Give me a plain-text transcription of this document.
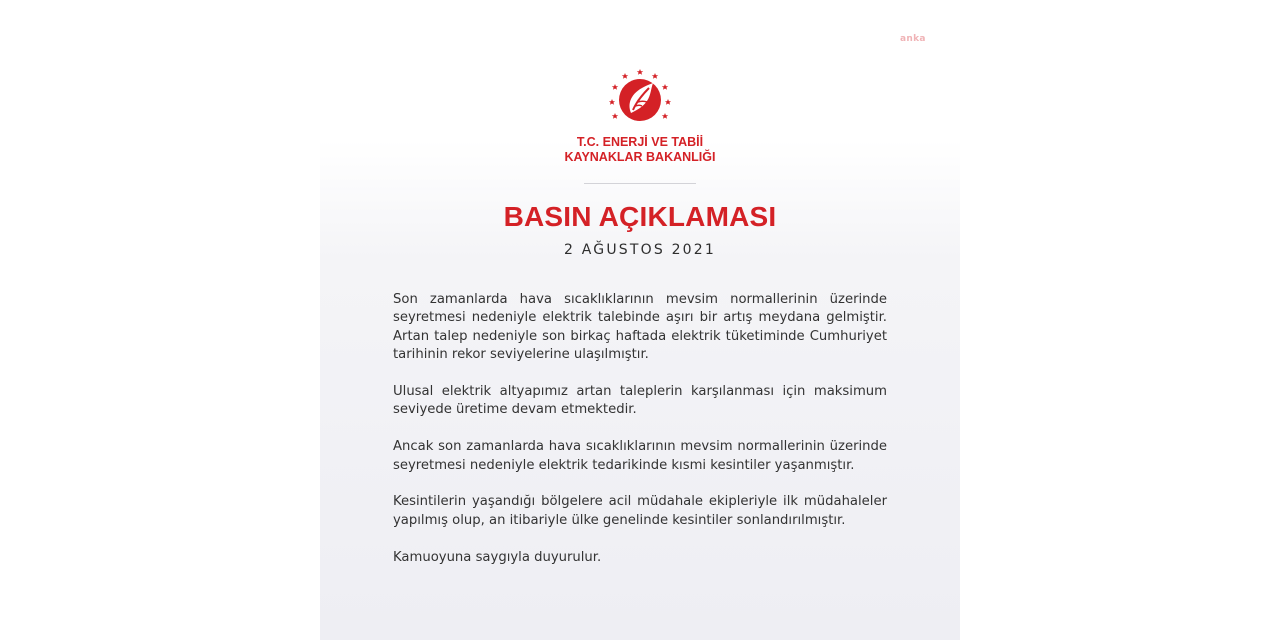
anka
T.C. ENERJİ VE TABİİ
KAYNAKLAR BAKANLIĞI
BASIN AÇIKLAMASI
2 AĞUSTOS 2021

Son zamanlarda hava sıcaklıklarının mevsim normallerinin üzerinde seyretmesi nedeniyle elektrik talebinde aşırı bir artış meydana gelmiştir. Artan talep nedeniyle son birkaç haftada elektrik tüketiminde Cumhuriyet tarihinin rekor seviyelerine ulaşılmıştır.

Ulusal elektrik altyapımız artan taleplerin karşılanması için maksimum seviyede üretime devam etmektedir.

Ancak son zamanlarda hava sıcaklıklarının mevsim normallerinin üzerinde seyretmesi nedeniyle elektrik tedarikinde kısmi kesintiler yaşanmıştır.

Kesintilerin yaşandığı bölgelere acil müdahale ekipleriyle ilk müdahaleler yapılmış olup, an itibariyle ülke genelinde kesintiler sonlandırılmıştır.

Kamuoyuna saygıyla duyurulur.
